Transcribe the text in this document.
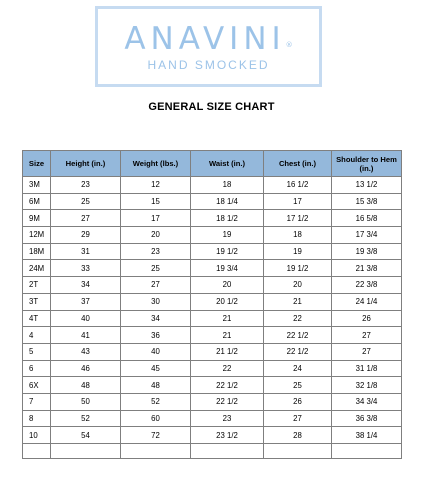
ANAVINI®
HAND SMOCKED
GENERAL SIZE CHART
Size	Height (in.)	Weight (lbs.)	Waist (in.)	Chest (in.)	Shoulder to Hem (in.)
3M	23	12	18	16 1/2	13 1/2
6M	25	15	18 1/4	17	15 3/8
9M	27	17	18 1/2	17 1/2	16 5/8
12M	29	20	19	18	17 3/4
18M	31	23	19 1/2	19	19 3/8
24M	33	25	19 3/4	19 1/2	21 3/8
2T	34	27	20	20	22 3/8
3T	37	30	20 1/2	21	24 1/4
4T	40	34	21	22	26
4	41	36	21	22 1/2	27
5	43	40	21 1/2	22 1/2	27
6	46	45	22	24	31 1/8
6X	48	48	22 1/2	25	32 1/8
7	50	52	22 1/2	26	34 3/4
8	52	60	23	27	36 3/8
10	54	72	23 1/2	28	38 1/4
